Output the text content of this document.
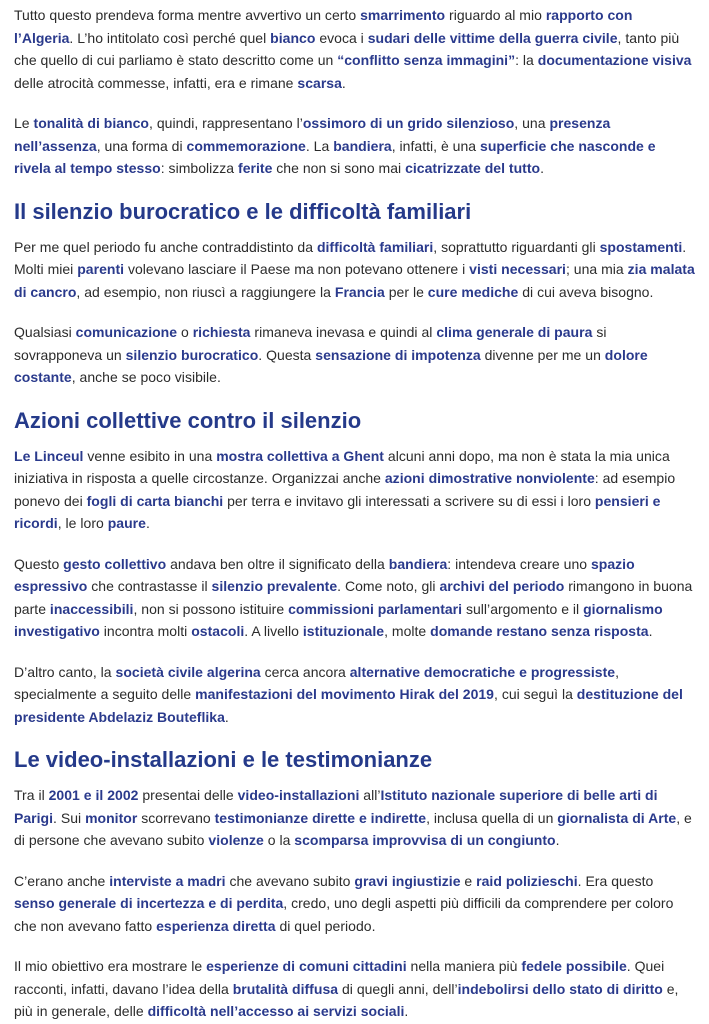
Tutto questo prendeva forma mentre avvertivo un certo smarrimento riguardo al mio rapporto con l’Algeria. L’ho intitolato così perché quel bianco evoca i sudari delle vittime della guerra civile, tanto più che quello di cui parliamo è stato descritto come un “conflitto senza immagini”: la documentazione visiva delle atrocità commesse, infatti, era e rimane scarsa.

Le tonalità di bianco, quindi, rappresentano l’ossimoro di un grido silenzioso, una presenza nell’assenza, una forma di commemorazione. La bandiera, infatti, è una superficie che nasconde e rivela al tempo stesso: simbolizza ferite che non si sono mai cicatrizzate del tutto.

Il silenzio burocratico e le difficoltà familiari

Per me quel periodo fu anche contraddistinto da difficoltà familiari, soprattutto riguardanti gli spostamenti. Molti miei parenti volevano lasciare il Paese ma non potevano ottenere i visti necessari; una mia zia malata di cancro, ad esempio, non riuscì a raggiungere la Francia per le cure mediche di cui aveva bisogno.

Qualsiasi comunicazione o richiesta rimaneva inevasa e quindi al clima generale di paura si sovrapponeva un silenzio burocratico. Questa sensazione di impotenza divenne per me un dolore costante, anche se poco visibile.

Azioni collettive contro il silenzio

Le Linceul venne esibito in una mostra collettiva a Ghent alcuni anni dopo, ma non è stata la mia unica iniziativa in risposta a quelle circostanze. Organizzai anche azioni dimostrative nonviolente: ad esempio ponevo dei fogli di carta bianchi per terra e invitavo gli interessati a scrivere su di essi i loro pensieri e ricordi, le loro paure.

Questo gesto collettivo andava ben oltre il significato della bandiera: intendeva creare uno spazio espressivo che contrastasse il silenzio prevalente. Come noto, gli archivi del periodo rimangono in buona parte inaccessibili, non si possono istituire commissioni parlamentari sull’argomento e il giornalismo investigativo incontra molti ostacoli. A livello istituzionale, molte domande restano senza risposta.

D’altro canto, la società civile algerina cerca ancora alternative democratiche e progressiste, specialmente a seguito delle manifestazioni del movimento Hirak del 2019, cui seguì la destituzione del presidente Abdelaziz Bouteflika.

Le video-installazioni e le testimonianze

Tra il 2001 e il 2002 presentai delle video-installazioni all’Istituto nazionale superiore di belle arti di Parigi. Sui monitor scorrevano testimonianze dirette e indirette, inclusa quella di un giornalista di Arte, e di persone che avevano subito violenze o la scomparsa improvvisa di un congiunto.

C’erano anche interviste a madri che avevano subito gravi ingiustizie e raid polizieschi. Era questo senso generale di incertezza e di perdita, credo, uno degli aspetti più difficili da comprendere per coloro che non avevano fatto esperienza diretta di quel periodo.

Il mio obiettivo era mostrare le esperienze di comuni cittadini nella maniera più fedele possibile. Quei racconti, infatti, davano l’idea della brutalità diffusa di quegli anni, dell’indebolirsi dello stato di diritto e, più in generale, delle difficoltà nell’accesso ai servizi sociali.
